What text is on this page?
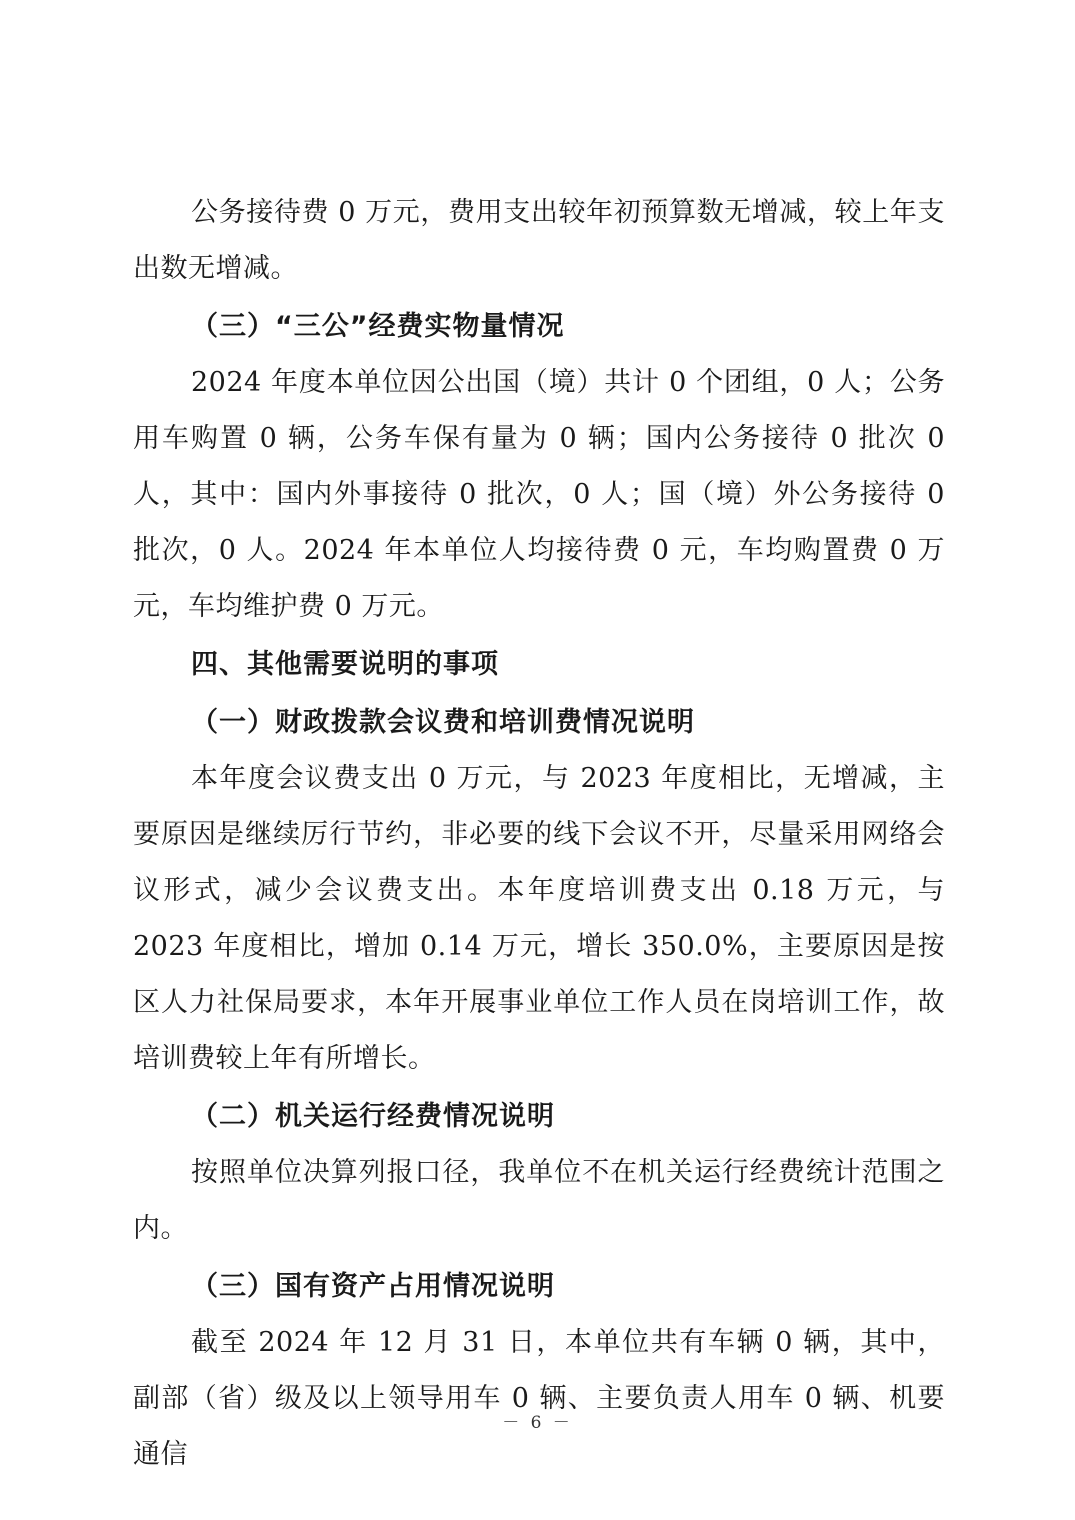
公务接待费 0 万元，费用支出较年初预算数无增减，较上年支出数无增减。

（三）“三公”经费实物量情况

2024 年度本单位因公出国（境）共计 0 个团组，0 人；公务用车购置 0 辆，公务车保有量为 0 辆；国内公务接待 0 批次 0 人，其中：国内外事接待 0 批次，0 人；国（境）外公务接待 0 批次，0 人。2024 年本单位人均接待费 0 元，车均购置费 0 万元，车均维护费 0 万元。

四、其他需要说明的事项

（一）财政拨款会议费和培训费情况说明

本年度会议费支出 0 万元，与 2023 年度相比，无增减，主要原因是继续厉行节约，非必要的线下会议不开，尽量采用网络会议形式，减少会议费支出。本年度培训费支出 0.18 万元，与 2023 年度相比，增加 0.14 万元，增长 350.0%，主要原因是按区人力社保局要求，本年开展事业单位工作人员在岗培训工作，故培训费较上年有所增长。

（二）机关运行经费情况说明

按照单位决算列报口径，我单位不在机关运行经费统计范围之内。

（三）国有资产占用情况说明

截至 2024 年 12 月 31 日，本单位共有车辆 0 辆，其中，副部（省）级及以上领导用车 0 辆、主要负责人用车 0 辆、机要通信

－ 6 －
